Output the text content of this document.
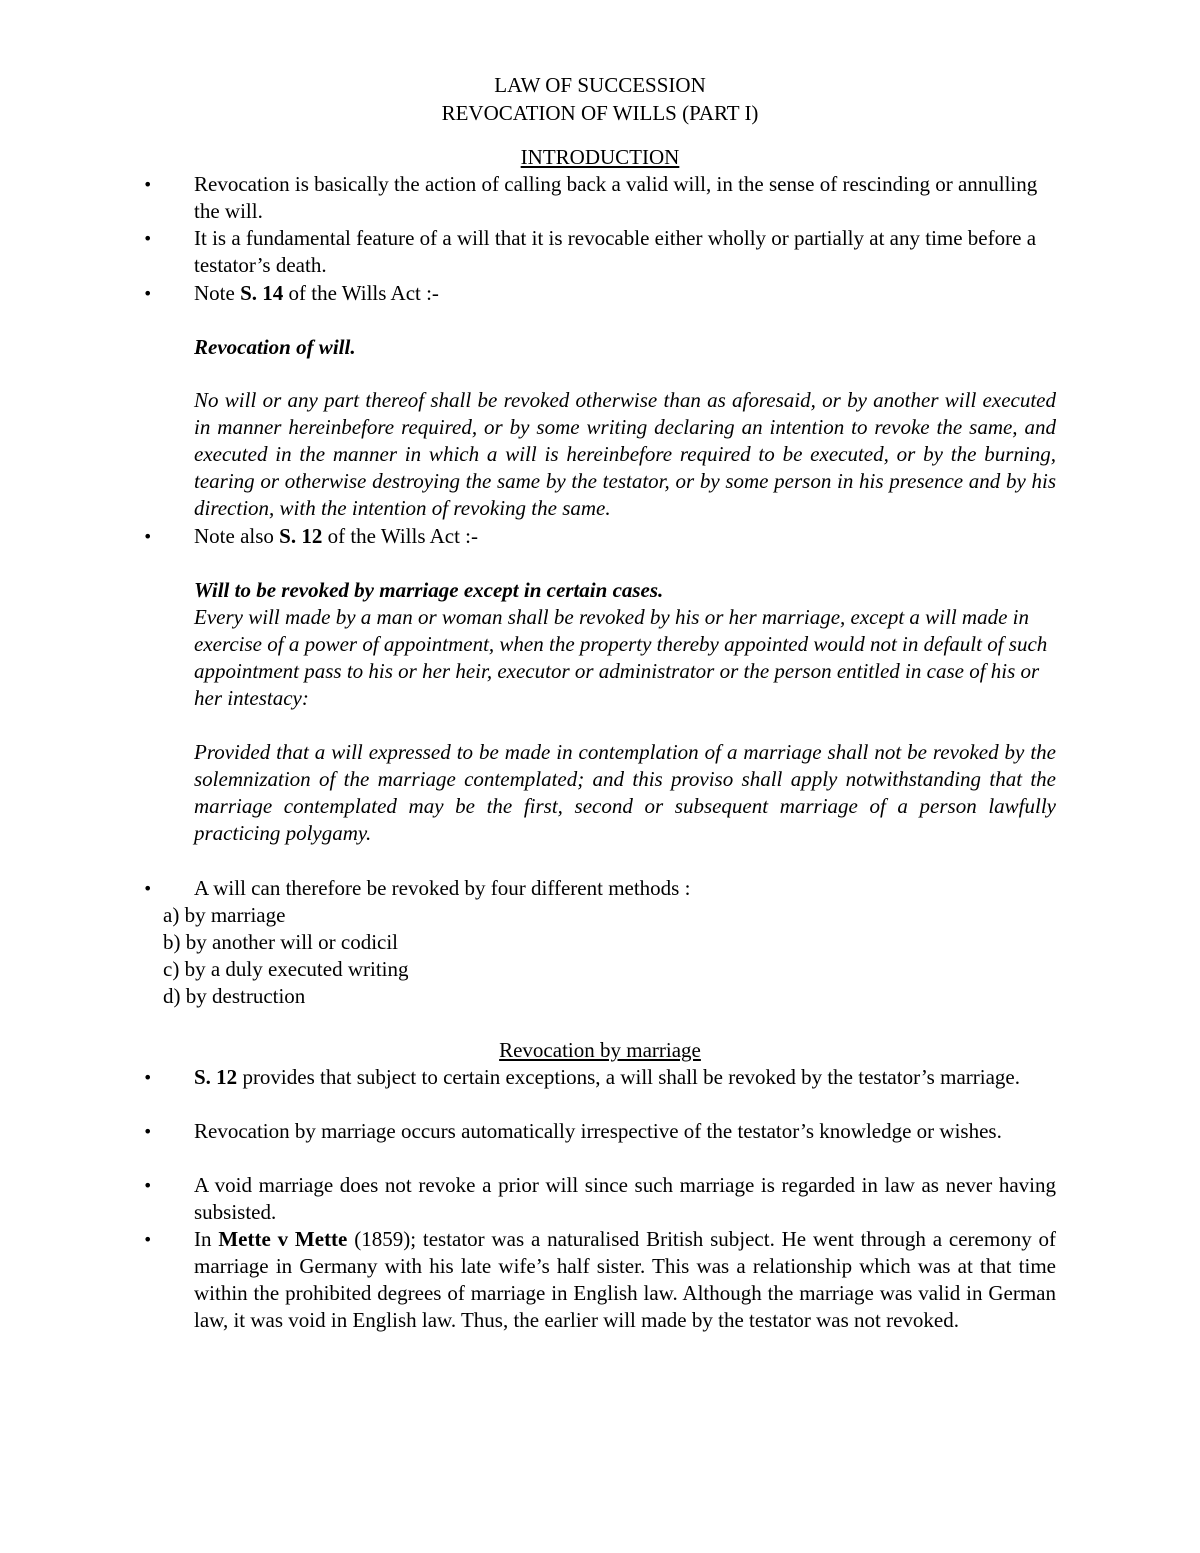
LAW OF SUCCESSION
REVOCATION OF WILLS (PART I)
INTRODUCTION
• Revocation is basically the action of calling back a valid will, in the sense of rescinding or annulling the will.
• It is a fundamental feature of a will that it is revocable either wholly or partially at any time before a testator’s death.
• Note S. 14 of the Wills Act :-
Revocation of will.
No will or any part thereof shall be revoked otherwise than as aforesaid, or by another will executed in manner hereinbefore required, or by some writing declaring an intention to revoke the same, and executed in the manner in which a will is hereinbefore required to be executed, or by the burning, tearing or otherwise destroying the same by the testator, or by some person in his presence and by his direction, with the intention of revoking the same.
• Note also S. 12 of the Wills Act :-
Will to be revoked by marriage except in certain cases.
Every will made by a man or woman shall be revoked by his or her marriage, except a will made in exercise of a power of appointment, when the property thereby appointed would not in default of such appointment pass to his or her heir, executor or administrator or the person entitled in case of his or her intestacy:
Provided that a will expressed to be made in contemplation of a marriage shall not be revoked by the solemnization of the marriage contemplated; and this proviso shall apply notwithstanding that the marriage contemplated may be the first, second or subsequent marriage of a person lawfully practicing polygamy.
• A will can therefore be revoked by four different methods :
a) by marriage
b) by another will or codicil
c) by a duly executed writing
d) by destruction
Revocation by marriage
• S. 12 provides that subject to certain exceptions, a will shall be revoked by the testator’s marriage.
• Revocation by marriage occurs automatically irrespective of the testator’s knowledge or wishes.
• A void marriage does not revoke a prior will since such marriage is regarded in law as never having subsisted.
• In Mette v Mette (1859); testator was a naturalised British subject. He went through a ceremony of marriage in Germany with his late wife’s half sister. This was a relationship which was at that time within the prohibited degrees of marriage in English law. Although the marriage was valid in German law, it was void in English law. Thus, the earlier will made by the testator was not revoked.
